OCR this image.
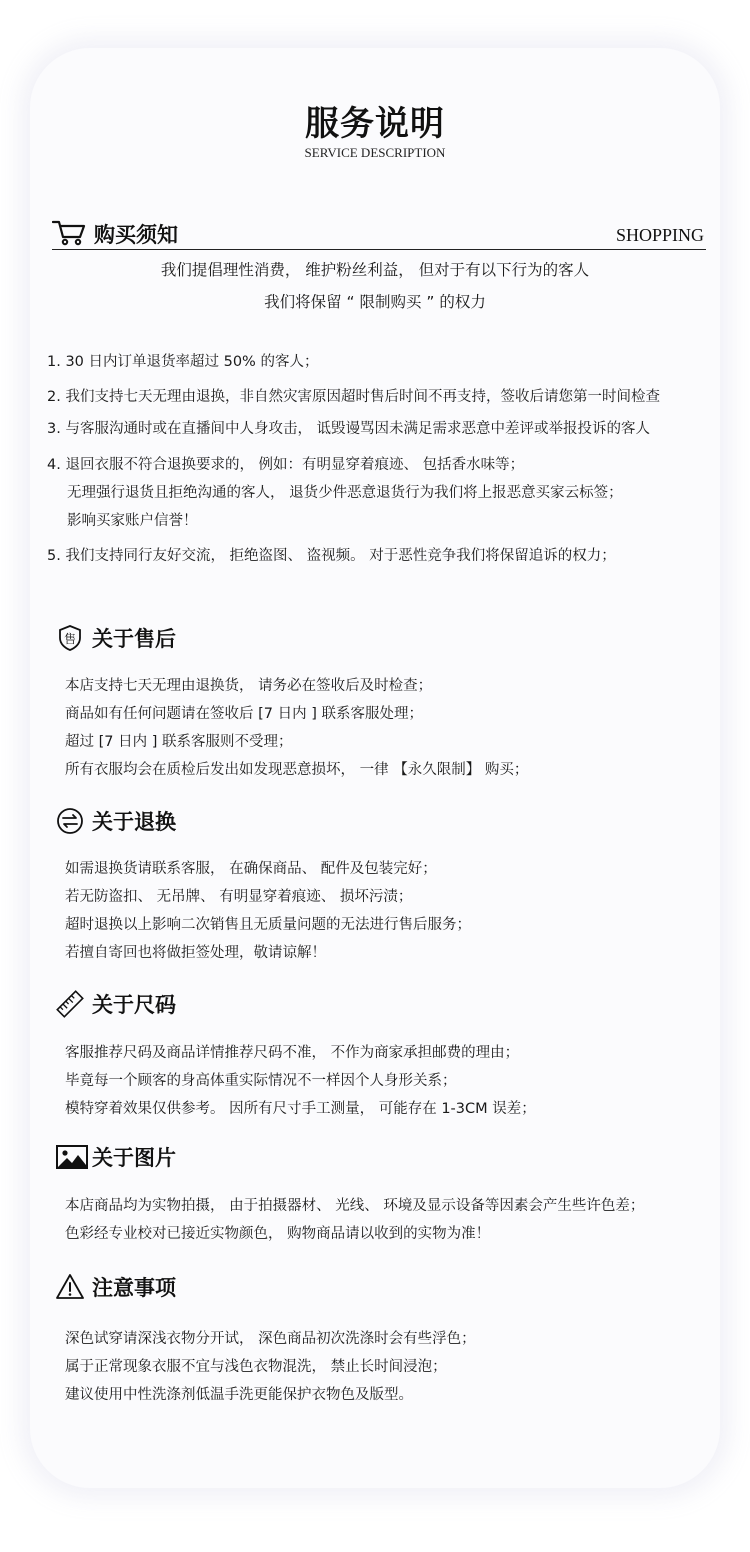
服务说明
SERVICE DESCRIPTION
购买须知	SHOPPING
我们提倡理性消费， 维护粉丝利益， 但对于有以下行为的客人
我们将保留 “ 限制购买 ” 的权力
1. 30 日内订单退货率超过 50% 的客人；
2. 我们支持七天无理由退换，非自然灾害原因超时售后时间不再支持，签收后请您第一时间检查
3. 与客服沟通时或在直播间中人身攻击， 诋毁谩骂因未满足需求恶意中差评或举报投诉的客人
4. 退回衣服不符合退换要求的， 例如：有明显穿着痕迹、 包括香水味等；
无理强行退货且拒绝沟通的客人， 退货少件恶意退货行为我们将上报恶意买家云标签；
影响买家账户信誉！
5. 我们支持同行友好交流， 拒绝盗图、 盗视频。 对于恶性竞争我们将保留追诉的权力；
售 关于售后
本店支持七天无理由退换货， 请务必在签收后及时检查；
商品如有任何问题请在签收后 [7 日内 ] 联系客服处理；
超过 [7 日内 ] 联系客服则不受理；
所有衣服均会在质检后发出如发现恶意损坏， 一律 【永久限制】 购买；
关于退换
如需退换货请联系客服， 在确保商品、 配件及包装完好；
若无防盗扣、 无吊牌、 有明显穿着痕迹、 损坏污渍；
超时退换以上影响二次销售且无质量问题的无法进行售后服务；
若擅自寄回也将做拒签处理，敬请谅解！
关于尺码
客服推荐尺码及商品详情推荐尺码不准， 不作为商家承担邮费的理由；
毕竟每一个顾客的身高体重实际情况不一样因个人身形关系；
模特穿着效果仅供参考。 因所有尺寸手工测量， 可能存在 1-3CM 误差；
关于图片
本店商品均为实物拍摄， 由于拍摄器材、 光线、 环境及显示设备等因素会产生些许色差；
色彩经专业校对已接近实物颜色， 购物商品请以收到的实物为准！
注意事项
深色试穿请深浅衣物分开试， 深色商品初次洗涤时会有些浮色；
属于正常现象衣服不宜与浅色衣物混洗， 禁止长时间浸泡；
建议使用中性洗涤剂低温手洗更能保护衣物色及版型。
